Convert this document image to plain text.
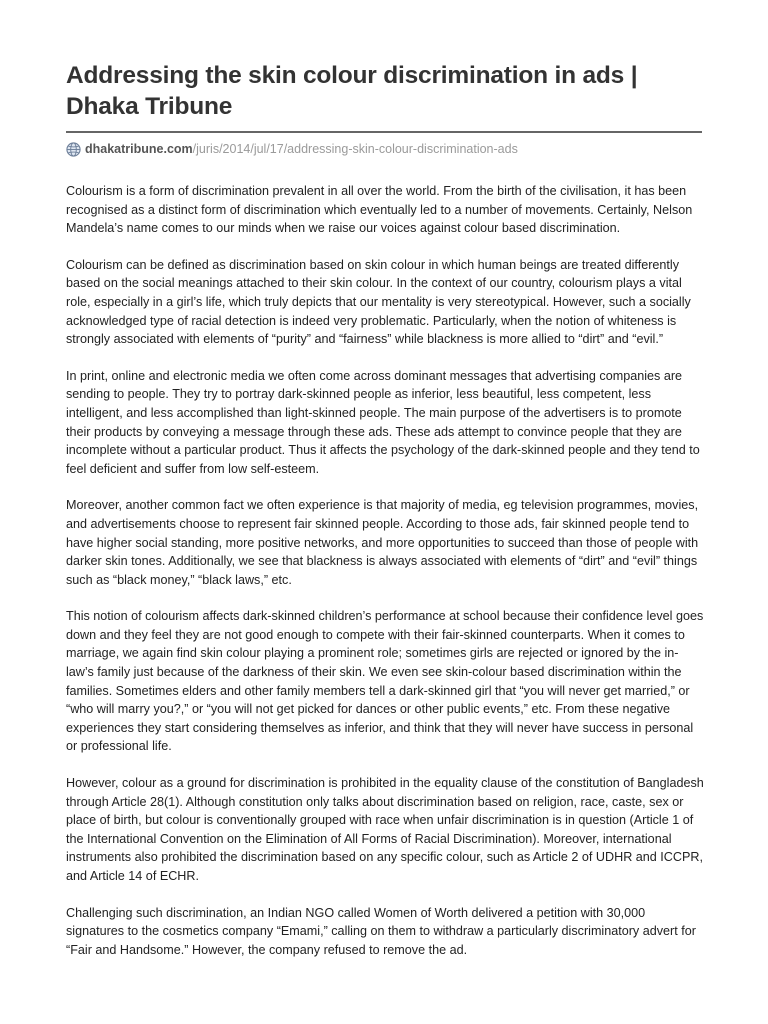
Addressing the skin colour discrimination in ads | Dhaka Tribune
dhakatribune.com /juris/2014/jul/17/addressing-skin-colour-discrimination-ads

Colourism is a form of discrimination prevalent in all over the world. From the birth of the civilisation, it has been recognised as a distinct form of discrimination which eventually led to a number of movements. Certainly, Nelson Mandela’s name comes to our minds when we raise our voices against colour based discrimination.

Colourism can be defined as discrimination based on skin colour in which human beings are treated differently based on the social meanings attached to their skin colour. In the context of our country, colourism plays a vital role, especially in a girl’s life, which truly depicts that our mentality is very stereotypical. However, such a socially acknowledged type of racial detection is indeed very problematic. Particularly, when the notion of whiteness is strongly associated with elements of “purity” and “fairness” while blackness is more allied to “dirt” and “evil.”

In print, online and electronic media we often come across dominant messages that advertising companies are sending to people. They try to portray dark-skinned people as inferior, less beautiful, less competent, less intelligent, and less accomplished than light-skinned people. The main purpose of the advertisers is to promote their products by conveying a message through these ads. These ads attempt to convince people that they are incomplete without a particular product. Thus it affects the psychology of the dark-skinned people and they tend to feel deficient and suffer from low self-esteem.

Moreover, another common fact we often experience is that majority of media, eg television programmes, movies, and advertisements choose to represent fair skinned people. According to those ads, fair skinned people tend to have higher social standing, more positive networks, and more opportunities to succeed than those of people with darker skin tones. Additionally, we see that blackness is always associated with elements of “dirt” and “evil” things such as “black money,” “black laws,” etc.

This notion of colourism affects dark-skinned children’s performance at school because their confidence level goes down and they feel they are not good enough to compete with their fair-skinned counterparts. When it comes to marriage, we again find skin colour playing a prominent role; sometimes girls are rejected or ignored by the in-law’s family just because of the darkness of their skin. We even see skin-colour based discrimination within the families. Sometimes elders and other family members tell a dark-skinned girl that “you will never get married,” or “who will marry you?,” or “you will not get picked for dances or other public events,” etc. From these negative experiences they start considering themselves as inferior, and think that they will never have success in personal or professional life.

However, colour as a ground for discrimination is prohibited in the equality clause of the constitution of Bangladesh through Article 28(1). Although constitution only talks about discrimination based on religion, race, caste, sex or place of birth, but colour is conventionally grouped with race when unfair discrimination is in question (Article 1 of the International Convention on the Elimination of All Forms of Racial Discrimination). Moreover, international instruments also prohibited the discrimination based on any specific colour, such as Article 2 of UDHR and ICCPR, and Article 14 of ECHR.

Challenging such discrimination, an Indian NGO called Women of Worth delivered a petition with 30,000 signatures to the cosmetics company “Emami,” calling on them to withdraw a particularly discriminatory advert for “Fair and Handsome.” However, the company refused to remove the ad.
